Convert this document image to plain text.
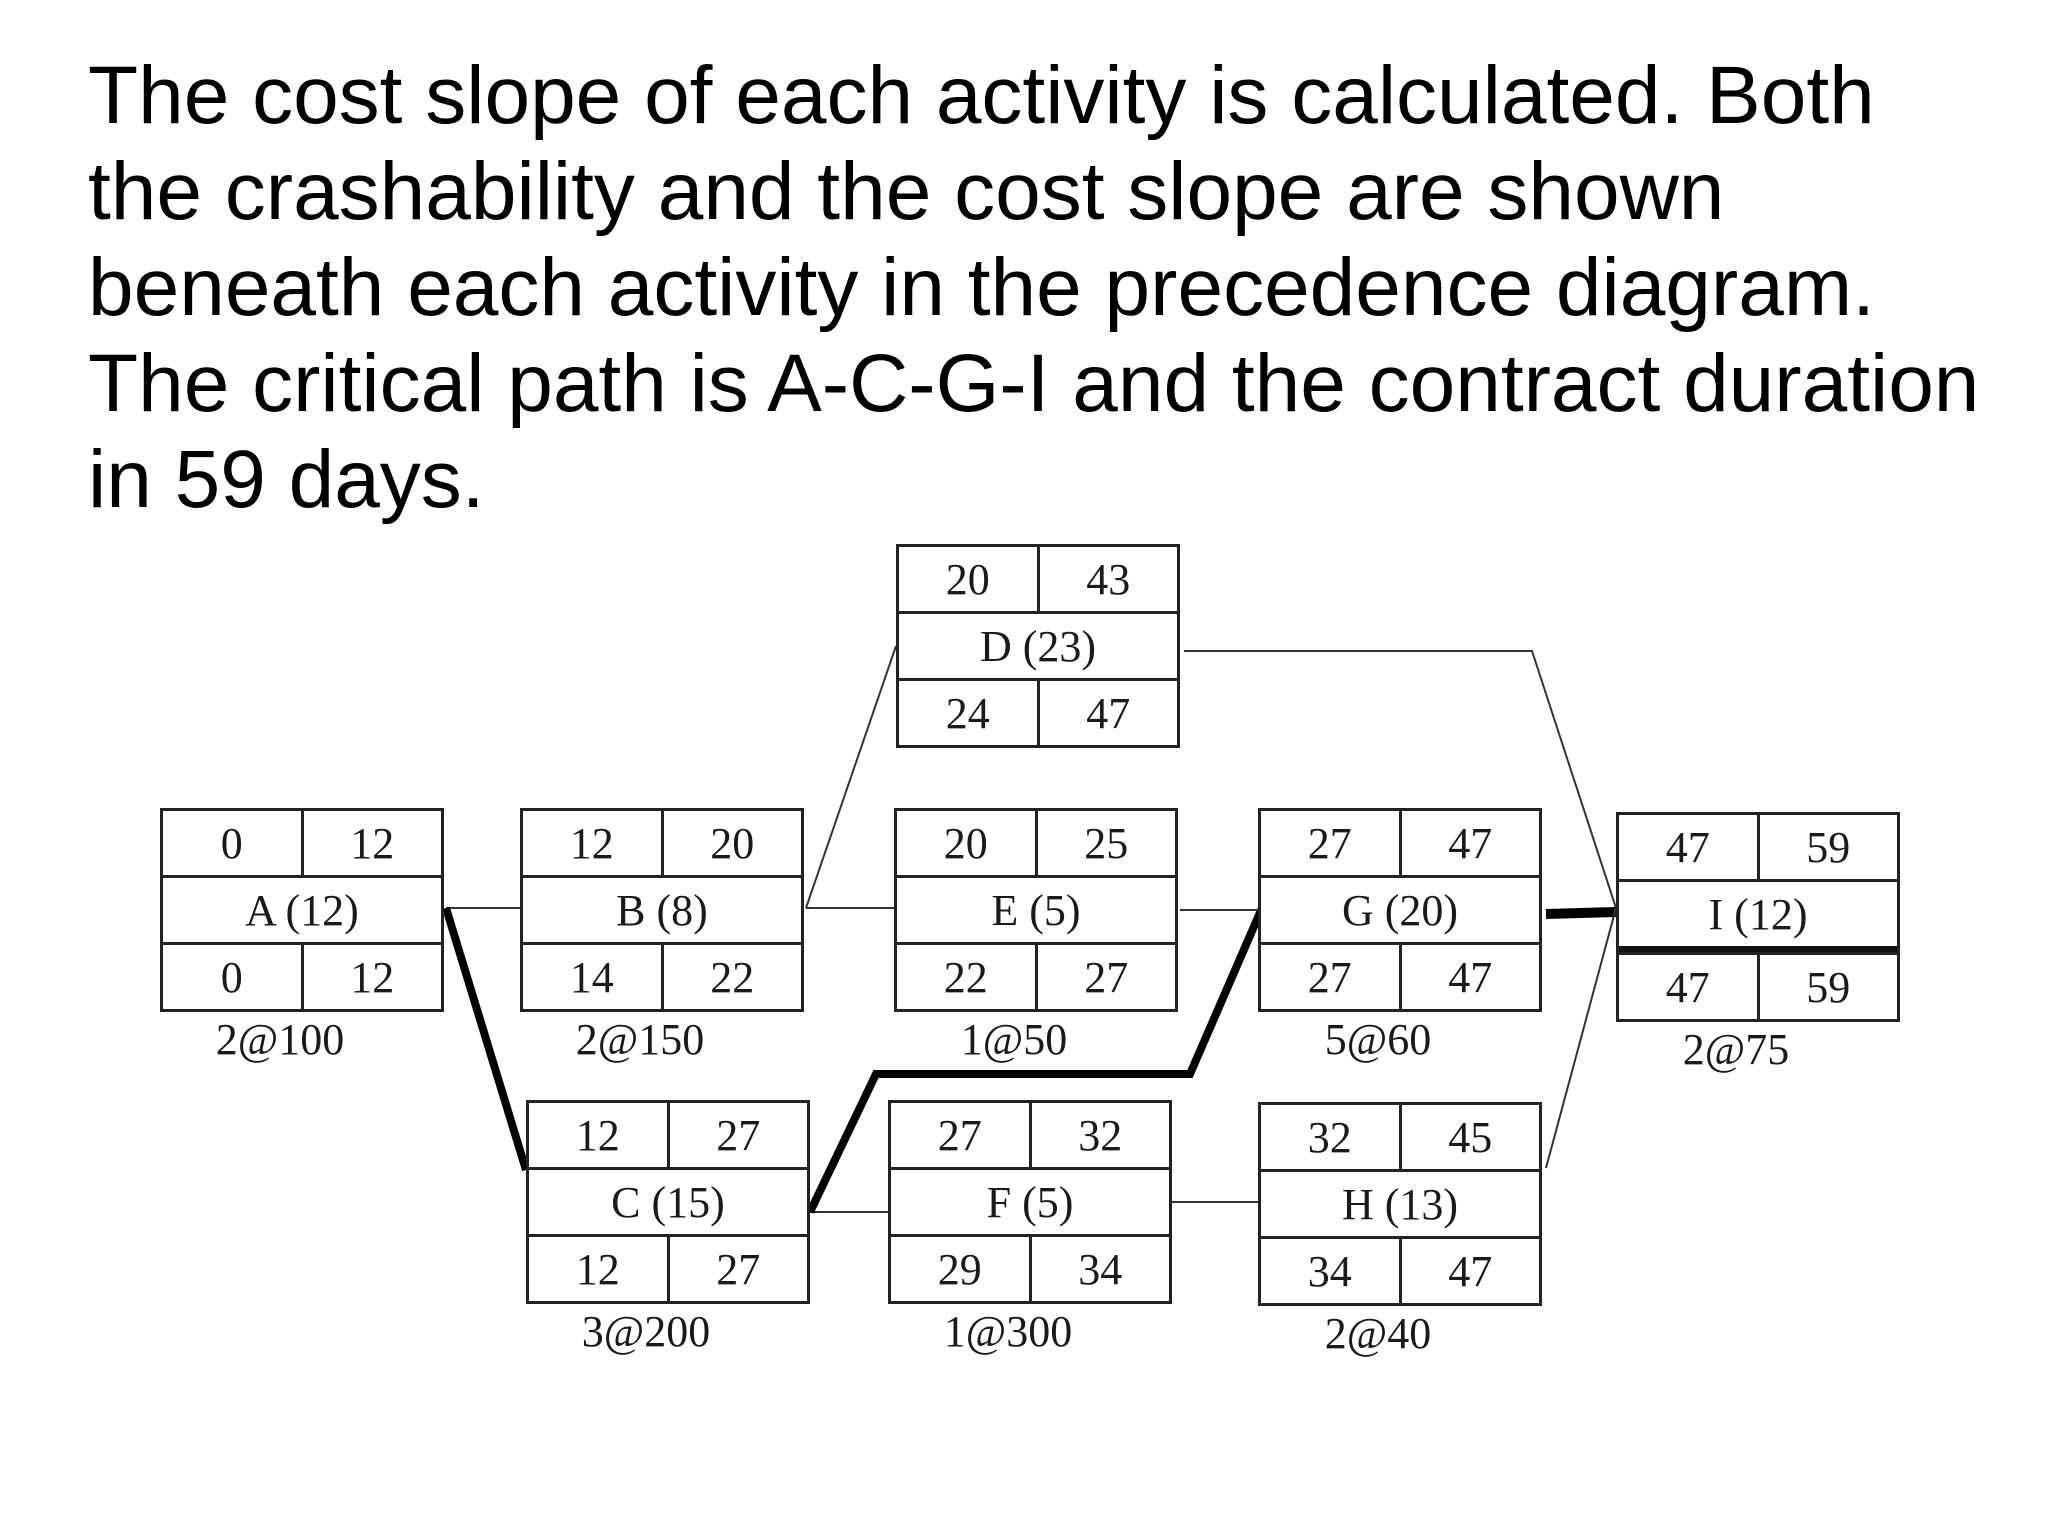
The cost slope of each activity is calculated. Both the crashability and the cost slope are shown beneath each activity in the precedence diagram. The critical path is A-C-G-I and the contract duration in 59 days.

0	12
A (12)
0	12
2@100
12	20
B (8)
14	22
2@150
12	27
C (15)
12	27
3@200
20	43
D (23)
24	47
20	25
E (5)
22	27
1@50
27	32
F (5)
29	34
1@300
27	47
G (20)
27	47
5@60
32	45
H (13)
34	47
2@40
47	59
I (12)
47	59
2@75
